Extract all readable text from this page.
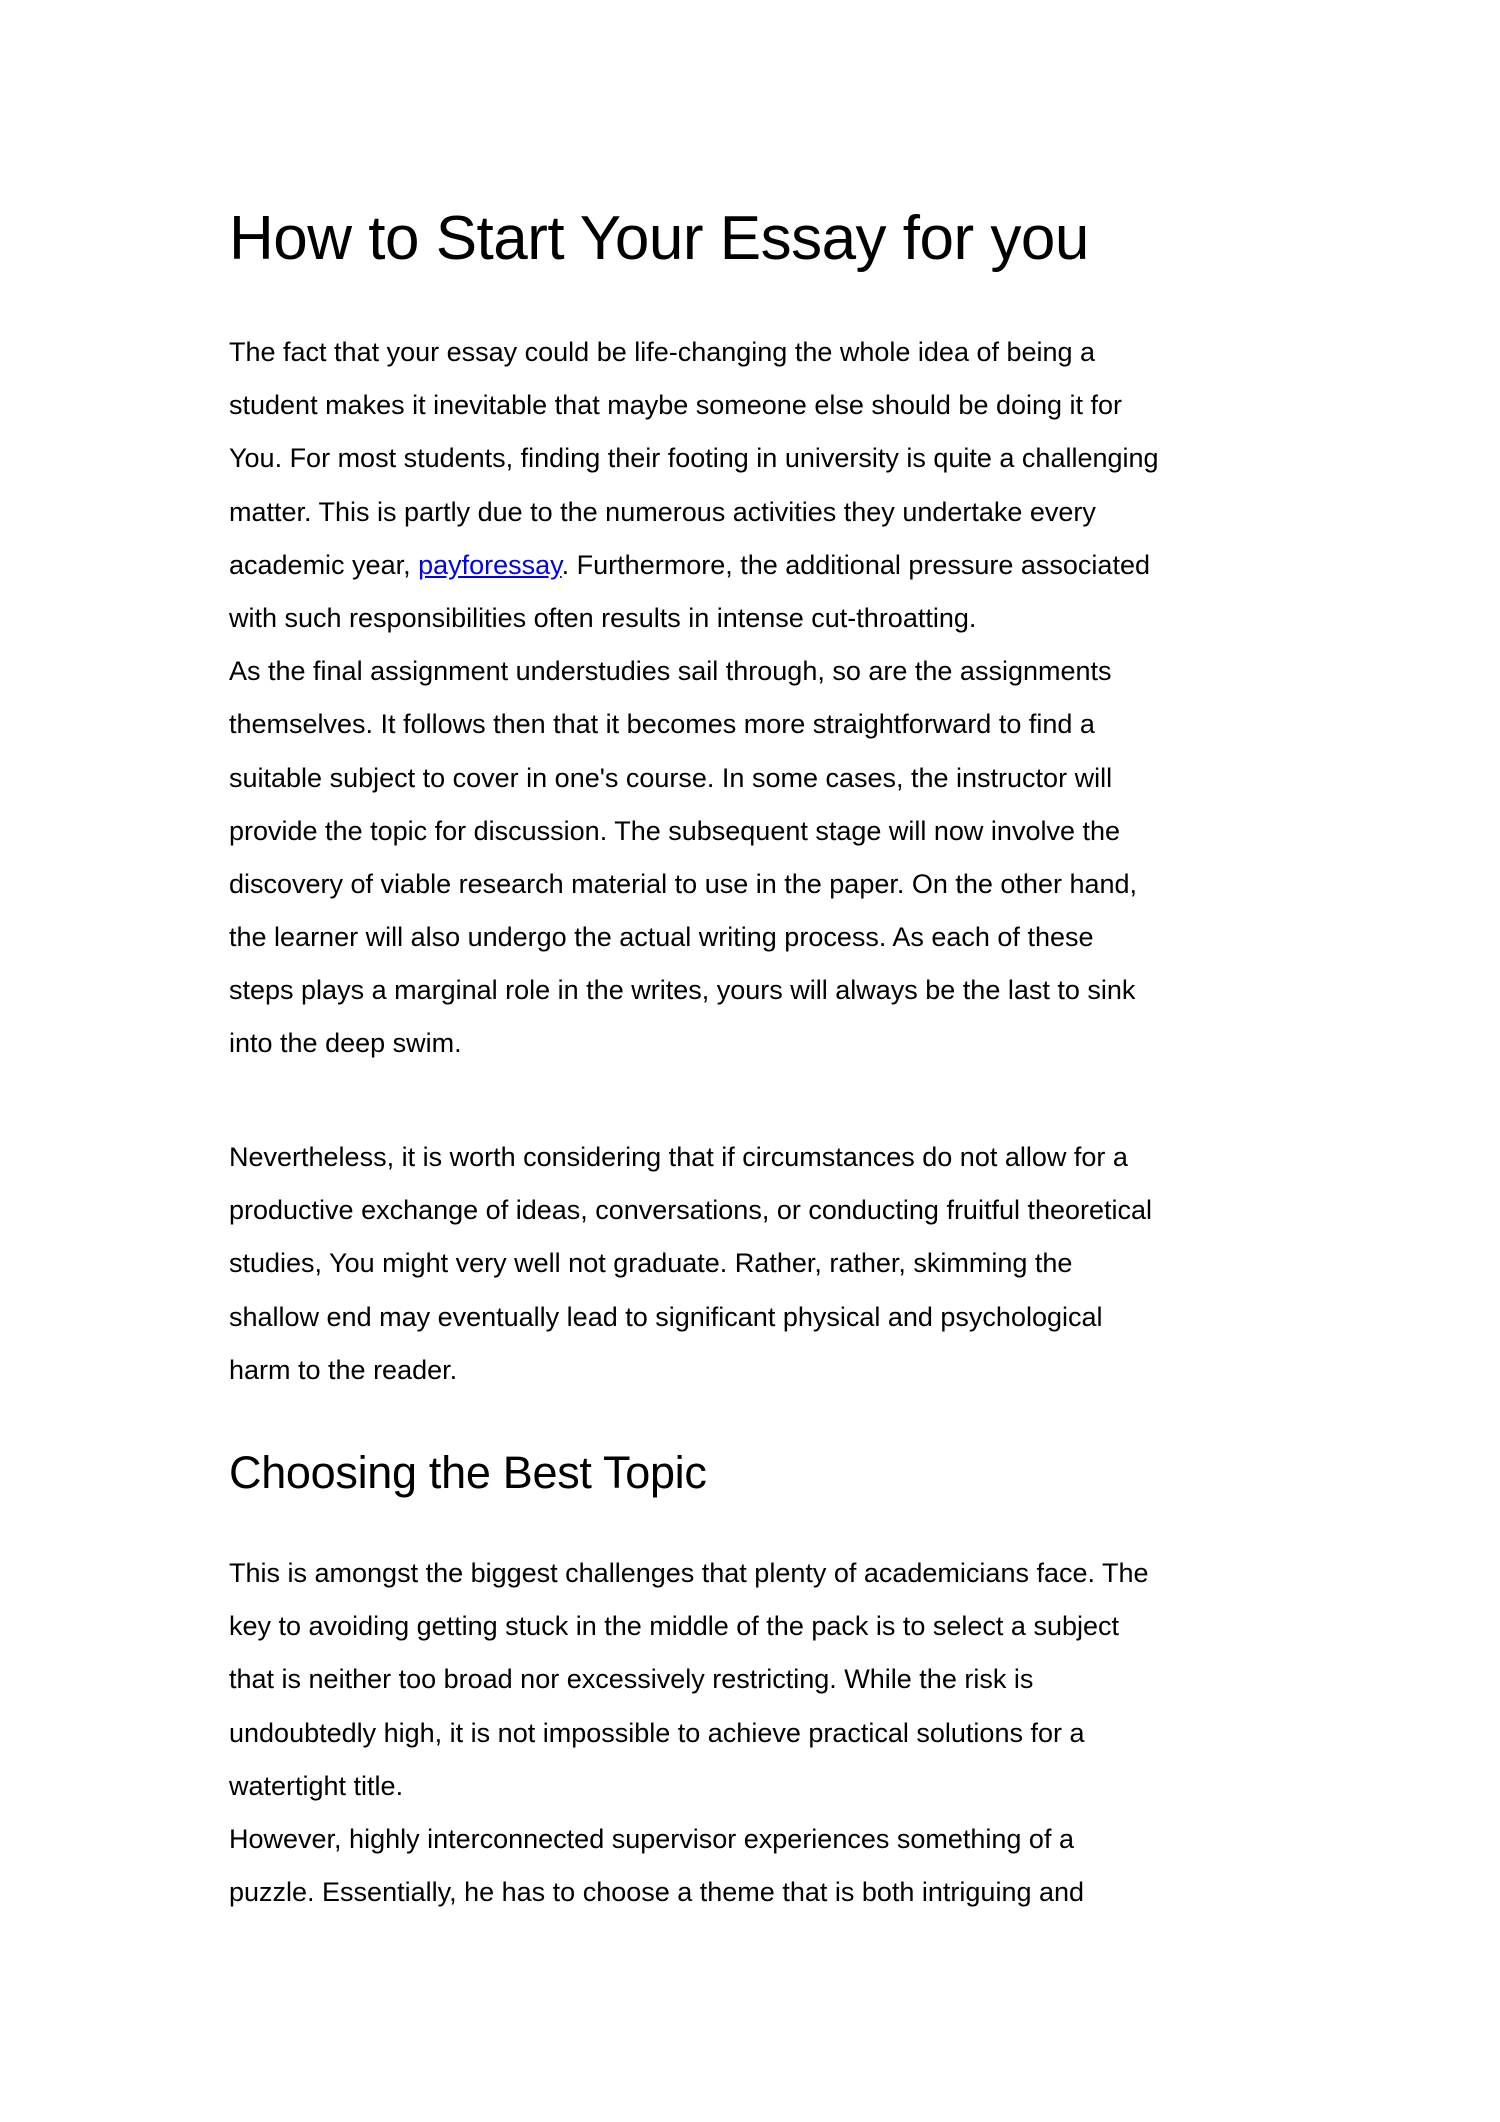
How to Start Your Essay for you
The fact that your essay could be life-changing the whole idea of being a
student makes it inevitable that maybe someone else should be doing it for
You. For most students, finding their footing in university is quite a challenging
matter. This is partly due to the numerous activities they undertake every
academic year, payforessay. Furthermore, the additional pressure associated
with such responsibilities often results in intense cut-throatting.
As the final assignment understudies sail through, so are the assignments
themselves. It follows then that it becomes more straightforward to find a
suitable subject to cover in one's course. In some cases, the instructor will
provide the topic for discussion. The subsequent stage will now involve the
discovery of viable research material to use in the paper. On the other hand,
the learner will also undergo the actual writing process. As each of these
steps plays a marginal role in the writes, yours will always be the last to sink
into the deep swim.
Nevertheless, it is worth considering that if circumstances do not allow for a
productive exchange of ideas, conversations, or conducting fruitful theoretical
studies, You might very well not graduate. Rather, rather, skimming the
shallow end may eventually lead to significant physical and psychological
harm to the reader.
Choosing the Best Topic
This is amongst the biggest challenges that plenty of academicians face. The
key to avoiding getting stuck in the middle of the pack is to select a subject
that is neither too broad nor excessively restricting. While the risk is
undoubtedly high, it is not impossible to achieve practical solutions for a
watertight title.
However, highly interconnected supervisor experiences something of a
puzzle. Essentially, he has to choose a theme that is both intriguing and
